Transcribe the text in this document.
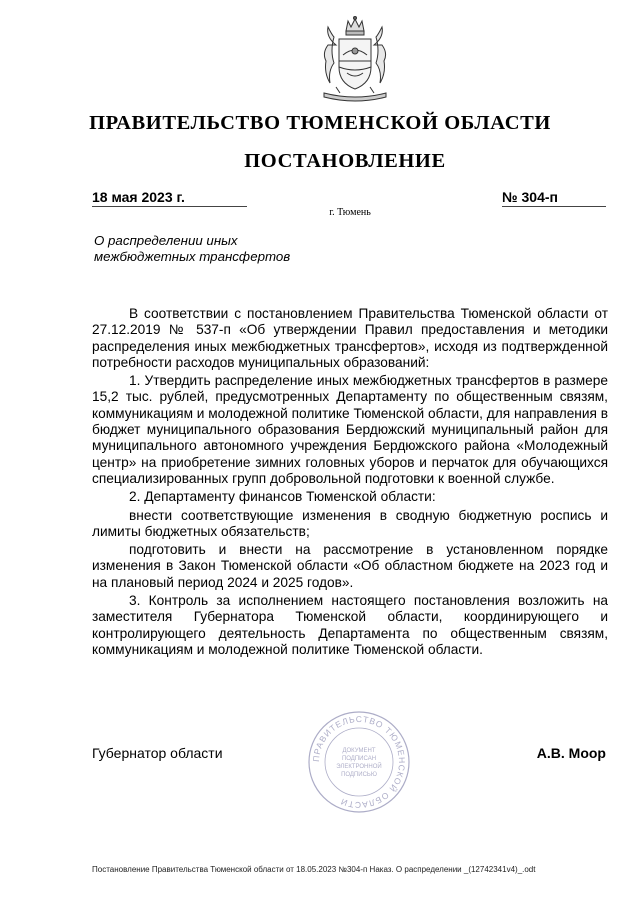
ПРАВИТЕЛЬСТВО ТЮМЕНСКОЙ ОБЛАСТИ
ПОСТАНОВЛЕНИЕ
18 мая 2023 г.	№ 304-п
г. Тюмень
О распределении иных
межбюджетных трансфертов

В соответствии с постановлением Правительства Тюменской области от 27.12.2019 № 537-п «Об утверждении Правил предоставления и методики распределения иных межбюджетных трансфертов», исходя из подтвержденной потребности расходов муниципальных образований:

1. Утвердить распределение иных межбюджетных трансфертов в размере 15,2 тыс. рублей, предусмотренных Департаменту по общественным связям, коммуникациям и молодежной политике Тюменской области, для направления в бюджет муниципального образования Бердюжский муниципальный район для муниципального автономного учреждения Бердюжского района «Молодежный центр» на приобретение зимних головных уборов и перчаток для обучающихся специализированных групп добровольной подготовки к военной службе.

2. Департаменту финансов Тюменской области:

внести соответствующие изменения в сводную бюджетную роспись и лимиты бюджетных обязательств;

подготовить и внести на рассмотрение в установленном порядке изменения в Закон Тюменской области «Об областном бюджете на 2023 год и на плановый период 2024 и 2025 годов».

3. Контроль за исполнением настоящего постановления возложить на заместителя Губернатора Тюменской области, координирующего и контролирующего деятельность Департамента по общественным связям, коммуникациям и молодежной политике Тюменской области.

Губернатор области	А.В. Моор
ПРАВИТЕЛЬСТВО ТЮМЕНСКОЙ ОБЛАСТИ
ДОКУМЕНТ
ПОДПИСАН
ЭЛЕКТРОННОЙ
ПОДПИСЬЮ
Постановление Правительства Тюменской области от 18.05.2023 №304-п Наказ. О распределении _(12742341v4)_.odt
